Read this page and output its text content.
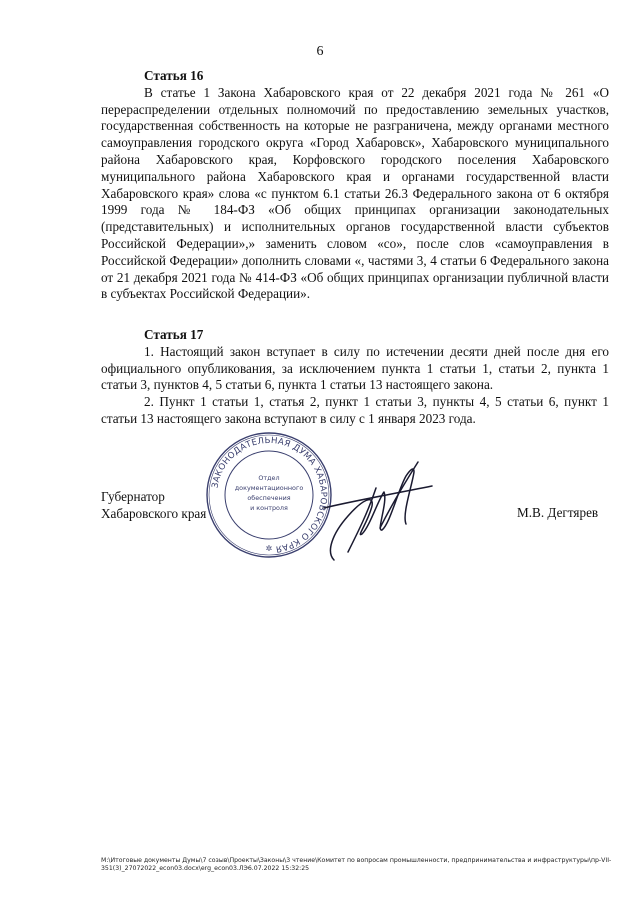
6
Статья 16

В статье 1 Закона Хабаровского края от 22 декабря 2021 года № 261 «О перераспределении отдельных полномочий по предоставлению земельных участков, государственная собственность на которые не разграничена, между органами местного самоуправления городского округа «Город Хабаровск», Хабаровского муниципального района Хабаровского края, Корфовского городского поселения Хабаровского муниципального района Хабаровского края и органами государственной власти Хабаровского края» слова «с пунктом 6.1 статьи 26.3 Федерального закона от 6 октября 1999 года № 184-ФЗ «Об общих принципах организации законодательных (представительных) и исполнительных органов государственной власти субъектов Российской Федерации»,» заменить словом «со», после слов «самоуправления в Российской Федерации» дополнить словами «, частями 3, 4 статьи 6 Федерального закона от 21 декабря 2021 года № 414-ФЗ «Об общих принципах организации публичной власти в субъектах Российской Федерации».

Статья 17

1. Настоящий закон вступает в силу по истечении десяти дней после дня его официального опубликования, за исключением пункта 1 статьи 1, статьи 2, пункта 1 статьи 3, пунктов 4, 5 статьи 6, пункта 1 статьи 13 настоящего закона.

2. Пункт 1 статьи 1, статья 2, пункт 1 статьи 3, пункты 4, 5 статьи 6, пункт 1 статьи 13 настоящего закона вступают в силу с 1 января 2023 года.

Губернатор
Хабаровского края	М.В. Дегтярев
ЗАКОНОДАТЕЛЬНАЯ ДУМА ХАБАРОВСКОГО КРАЯ
Отдел
документационного
обеспечения
и контроля
✲
M:\Итоговые документы Думы\7 созыв\Проекты\Законы\3 чтение\Комитет по вопросам промышленности, предпринимательства и инфраструктуры\пр-VII-
351(3)_27072022_econ03.docx\erg_econ03.ЛЭ6.07.2022 15:32:25
